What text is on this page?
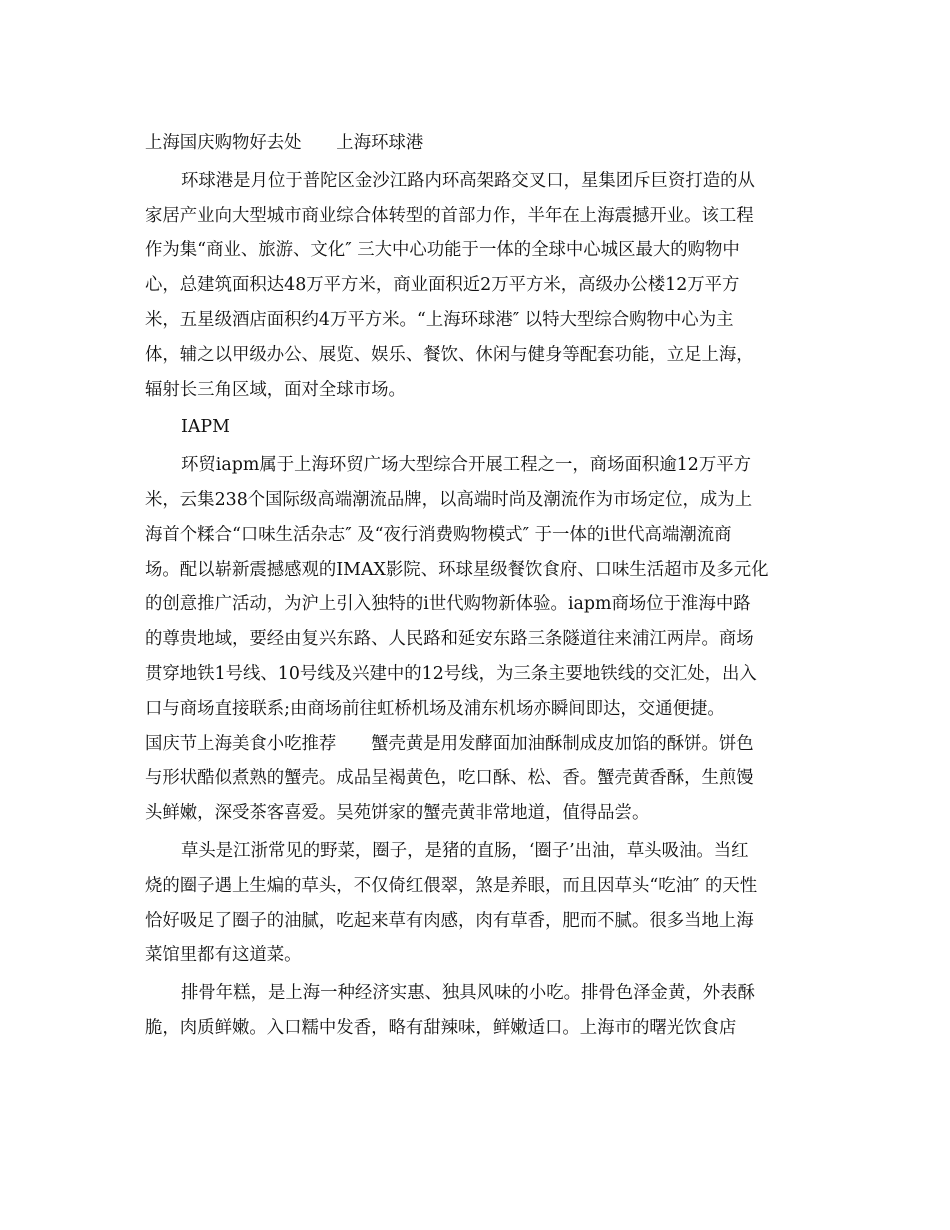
上海国庆购物好去处　　上海环球港

环球港是月位于普陀区金沙江路内环高架路交叉口，星集团斥巨资打造的从

家居产业向大型城市商业综合体转型的首部力作，半年在上海震撼开业。该工程

作为集“商业、旅游、文化″ 三大中心功能于一体的全球中心城区最大的购物中

心，总建筑面积达48万平方米，商业面积近2万平方米，高级办公楼12万平方

米，五星级酒店面积约4万平方米。“上海环球港″ 以特大型综合购物中心为主

体，辅之以甲级办公、展览、娱乐、餐饮、休闲与健身等配套功能，立足上海，

辐射长三角区域，面对全球市场。

IAPM

环贸iapm属于上海环贸广场大型综合开展工程之一，商场面积逾12万平方

米，云集238个国际级高端潮流品牌，以高端时尚及潮流作为市场定位，成为上

海首个糅合“口味生活杂志″ 及“夜行消费购物模式″ 于一体的i世代高端潮流商

场。配以崭新震撼感观的IMAX影院、环球星级餐饮食府、口味生活超市及多元化

的创意推广活动，为沪上引入独特的i世代购物新体验。iapm商场位于淮海中路

的尊贵地域，要经由复兴东路、人民路和延安东路三条隧道往来浦江两岸。商场

贯穿地铁1号线、10号线及兴建中的12号线，为三条主要地铁线的交汇处，出入

口与商场直接联系;由商场前往虹桥机场及浦东机场亦瞬间即达，交通便捷。

国庆节上海美食小吃推荐　　蟹壳黄是用发酵面加油酥制成皮加馅的酥饼。饼色

与形状酷似煮熟的蟹壳。成品呈褐黄色，吃口酥、松、香。蟹壳黄香酥，生煎馒

头鲜嫩，深受茶客喜爱。吴苑饼家的蟹壳黄非常地道，值得品尝。

草头是江浙常见的野菜，圈子，是猪的直肠，‘圈子’出油，草头吸油。当红

烧的圈子遇上生煸的草头，不仅倚红偎翠，煞是养眼，而且因草头“吃油″ 的天性

恰好吸足了圈子的油腻，吃起来草有肉感，肉有草香，肥而不腻。很多当地上海

菜馆里都有这道菜。

排骨年糕，是上海一种经济实惠、独具风味的小吃。排骨色泽金黄，外表酥

脆，肉质鲜嫩。入口糯中发香，略有甜辣味，鲜嫩适口。上海市的曙光饮食店
